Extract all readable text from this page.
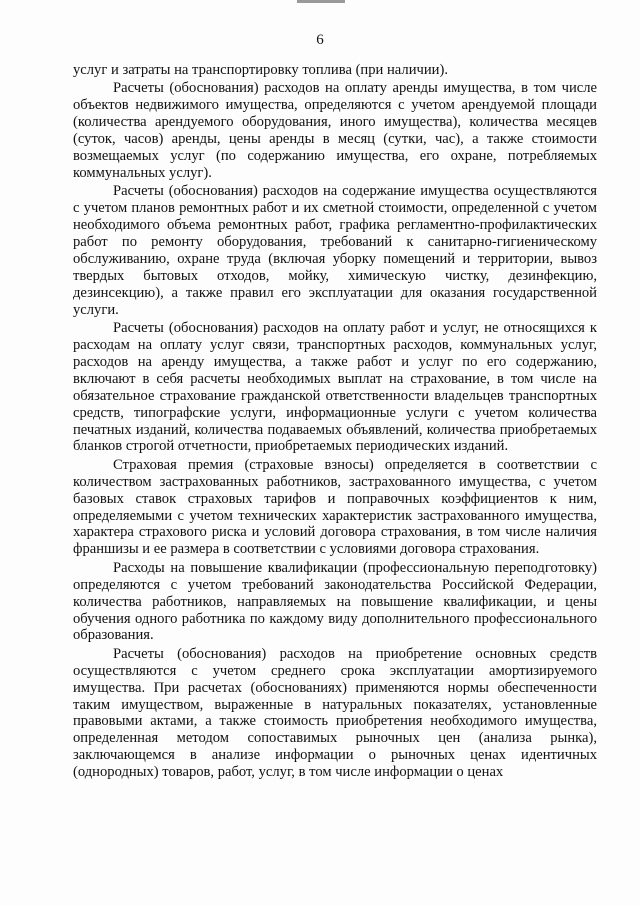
6

услуг и затраты на транспортировку топлива (при наличии).

Расчеты (обоснования) расходов на оплату аренды имущества, в том числе объектов недвижимого имущества, определяются с учетом арендуемой площади (количества арендуемого оборудования, иного имущества), количества месяцев (суток, часов) аренды, цены аренды в месяц (сутки, час), а также стоимости возмещаемых услуг (по содержанию имущества, его охране, потребляемых коммунальных услуг).

Расчеты (обоснования) расходов на содержание имущества осуществляются с учетом планов ремонтных работ и их сметной стоимости, определенной с учетом необходимого объема ремонтных работ, графика регламентно-профилактических работ по ремонту оборудования, требований к санитарно-гигиеническому обслуживанию, охране труда (включая уборку помещений и территории, вывоз твердых бытовых отходов, мойку, химическую чистку, дезинфекцию, дезинсекцию), а также правил его эксплуатации для оказания государственной услуги.

Расчеты (обоснования) расходов на оплату работ и услуг, не относящихся к расходам на оплату услуг связи, транспортных расходов, коммунальных услуг, расходов на аренду имущества, а также работ и услуг по его содержанию, включают в себя расчеты необходимых выплат на страхование, в том числе на обязательное страхование гражданской ответственности владельцев транспортных средств, типографские услуги, информационные услуги с учетом количества печатных изданий, количества подаваемых объявлений, количества приобретаемых бланков строгой отчетности, приобретаемых периодических изданий.

Страховая премия (страховые взносы) определяется в соответствии с количеством застрахованных работников, застрахованного имущества, с учетом базовых ставок страховых тарифов и поправочных коэффициентов к ним, определяемыми с учетом технических характеристик застрахованного имущества, характера страхового риска и условий договора страхования, в том числе наличия франшизы и ее размера в соответствии с условиями договора страхования.

Расходы на повышение квалификации (профессиональную переподготовку) определяются с учетом требований законодательства Российской Федерации, количества работников, направляемых на повышение квалификации, и цены обучения одного работника по каждому виду дополнительного профессионального образования.

Расчеты (обоснования) расходов на приобретение основных средств осуществляются с учетом среднего срока эксплуатации амортизируемого имущества. При расчетах (обоснованиях) применяются нормы обеспеченности таким имуществом, выраженные в натуральных показателях, установленные правовыми актами, а также стоимость приобретения необходимого имущества, определенная методом сопоставимых рыночных цен (анализа рынка), заключающемся в анализе информации о рыночных ценах идентичных (однородных) товаров, работ, услуг, в том числе информации о ценах
